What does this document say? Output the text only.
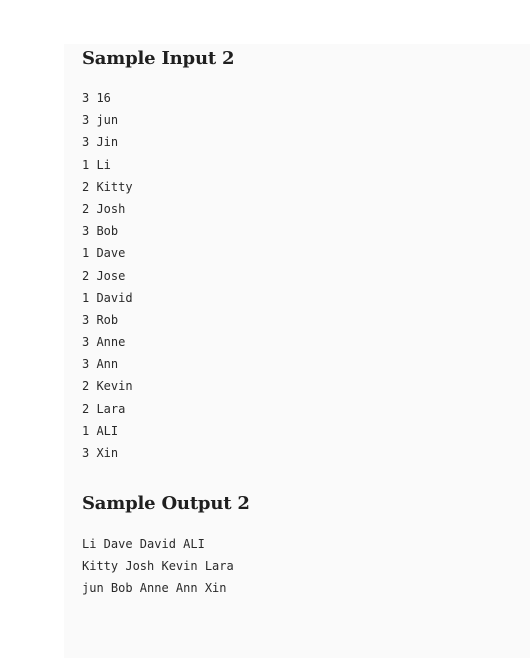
Sample Input 2
3 16
3 jun
3 Jin
1 Li
2 Kitty
2 Josh
3 Bob
1 Dave
2 Jose
1 David
3 Rob
3 Anne
3 Ann
2 Kevin
2 Lara
1 ALI
3 Xin
Sample Output 2
Li Dave David ALI
Kitty Josh Kevin Lara
jun Bob Anne Ann Xin
